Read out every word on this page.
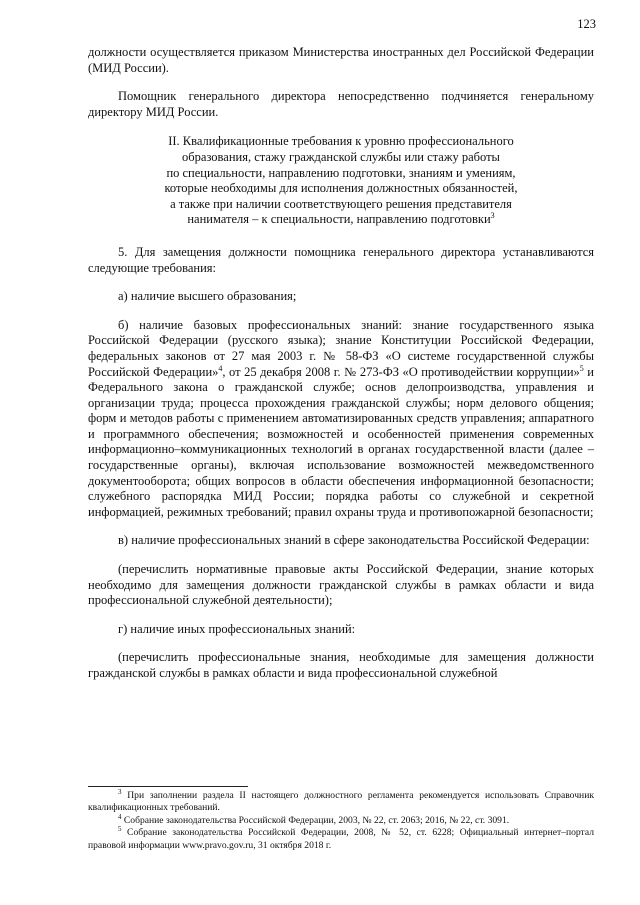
123

должности осуществляется приказом Министерства иностранных дел Российской Федерации (МИД России).

Помощник генерального директора непосредственно подчиняется генеральному директору МИД России.

II. Квалификационные требования к уровню профессионального
образования, стажу гражданской службы или стажу работы
по специальности, направлению подготовки, знаниям и умениям,
которые необходимы для исполнения должностных обязанностей,
а также при наличии соответствующего решения представителя
нанимателя – к специальности, направлению подготовки$^3$

5. Для замещения должности помощника генерального директора устанавливаются следующие требования:

а) наличие высшего образования;

б) наличие базовых профессиональных знаний: знание государственного языка Российской Федерации (русского языка); знание Конституции Российской Федерации, федеральных законов от 27 мая 2003 г. № 58-ФЗ «О системе государственной службы Российской Федерации»$^4$, от 25 декабря 2008 г. № 273-ФЗ «О противодействии коррупции»$^5$ и Федерального закона о гражданской службе; основ делопроизводства, управления и организации труда; процесса прохождения гражданской службы; норм делового общения; форм и методов работы с применением автоматизированных средств управления; аппаратного и программного обеспечения; возможностей и особенностей применения современных информационно–коммуникационных технологий в органах государственной власти (далее – государственные органы), включая использование возможностей межведомственного документооборота; общих вопросов в области обеспечения информационной безопасности; служебного распорядка МИД России; порядка работы со служебной и секретной информацией, режимных требований; правил охраны труда и противопожарной безопасности;

в) наличие профессиональных знаний в сфере законодательства Российской Федерации:

(перечислить нормативные правовые акты Российской Федерации, знание которых необходимо для замещения должности гражданской службы в рамках области и вида профессиональной служебной деятельности);

г) наличие иных профессиональных знаний:

(перечислить профессиональные знания, необходимые для замещения должности гражданской службы в рамках области и вида профессиональной служебной

$^3$ При заполнении раздела II настоящего должностного регламента рекомендуется использовать Справочник квалификационных требований.

$^4$ Собрание законодательства Российской Федерации, 2003, № 22, ст. 2063; 2016, № 22, ст. 3091.

$^5$ Собрание законодательства Российской Федерации, 2008, № 52, ст. 6228; Официальный интернет–портал правовой информации www.pravo.gov.ru, 31 октября 2018 г.
